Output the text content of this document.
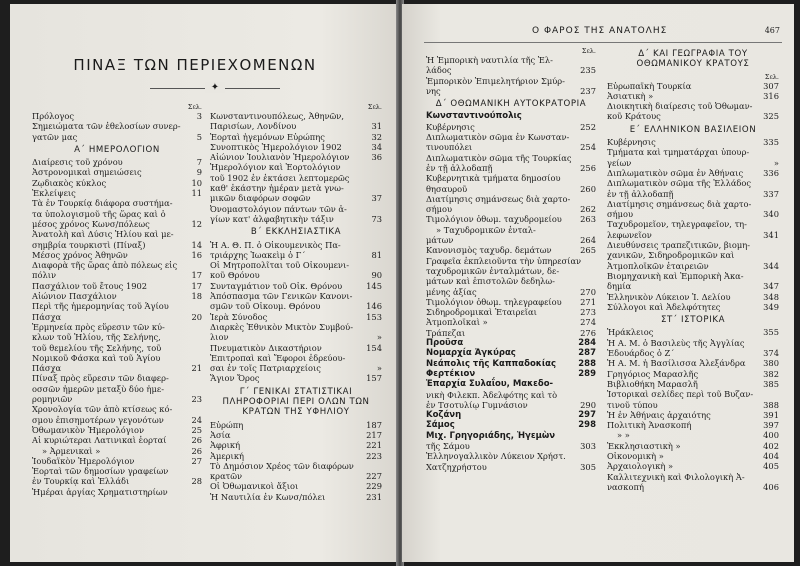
ΠΙΝΑΞ ΤΩΝ ΠΕΡΙΕΧΟΜΕΝΩΝ
✦
Σελ.
Πρόλογος	3
Σημειώματα τῶν ἐθελοσίων συνερ-
γατῶν μας	5
Α΄ ΗΜΕΡΟΛΟΓΙΟΝ
Διαίρεσις τοῦ χρόνου	7
Ἀστρονομικαὶ σημειώσεις	9
Ζῳδιακὸς κύκλος	10
Ἐκλείψεις	11
Τὰ ἐν Τουρκίᾳ διάφορα συστήμα-
τα ὑπολογισμοῦ τῆς ὥρας καὶ ὁ
μέσος χρόνος Κωνσ/πόλεως	12
Ἀνατολὴ καὶ Δύσις Ἡλίου καὶ με-
σημβρία τουρκιστὶ (Πίναξ)	14
Μέσος χρόνος Ἀθηνῶν	16
Διαφορὰ τῆς ὥρας ἀπὸ πόλεως εἰς
πόλιν	17
Πασχάλιον τοῦ ἔτους 1902	17
Αἰώνιον Πασχάλιον	18
Περὶ τῆς ἡμερομηνίας τοῦ Ἁγίου
Πάσχα	20
Ἑρμηνεία πρὸς εὕρεσιν τῶν κύ-
κλων τοῦ Ἡλίου, τῆς Σελήνης,
τοῦ θεμελίου τῆς Σελήνης, τοῦ
Νομικοῦ Φάσκα καὶ τοῦ Ἁγίου
Πάσχα	21
Πίναξ πρὸς εὕρεσιν τῶν διαφερ-
οσσῶν ἡμερῶν μεταξὺ δύο ἡμε-
ρομηνιῶν	23
Χρονολογία τῶν ἀπὸ κτίσεως κό-
σμου ἐπισημοτέρων γεγονότων	24
Ὀθωμανικὸν Ἡμερολόγιον	25
Αἱ κυριώτεραι Λατινικαὶ ἑορταί	26
» Ἀρμενικαὶ »	26
Ἰουδαϊκὸν Ἡμερολόγιον	27
Ἑορταὶ τῶν δημοσίων γραφείων
ἐν Τουρκίᾳ καὶ Ἑλλάδι	28
Ἡμέραι ἀργίας Χρηματιστηρίων
Σελ.
Κωνσταντινουπόλεως, Ἀθηνῶν,
Παρισίων, Λονδίνου	31
Ἑορταὶ ἠγεμόνων Εὐρώπης	32
Συνοπτικὸς Ἡμερολόγιον 1902	34
Αἰώνιον Ἰουλιανὸν Ἡμερολόγιον	36
Ἡμερολόγιον καὶ Ἑορτολόγιον
τοῦ 1902 ἐν ἐκτάσει λεπτομερῶς
καθ' ἑκάστην ἡμέραν μετὰ γνω-
μικῶν διαφόρων σοφῶν	37
Ὀνομαστολόγιον πάντων τῶν ἁ-
γίων κατ' ἀλφαβητικὴν τάξιν	73
Β΄ ΕΚΚΛΗΣΙΑΣΤΙΚΑ
Ἡ Α. Θ. Π. ὁ Οἰκουμενικὸς Πα-
τριάρχης Ἰωακεὶμ ὁ Γ΄	81
Οἱ Μητροπολῖται τοῦ Οἰκουμενι-
κοῦ Θρόνου	90
Συνταγμάτιον τοῦ Οἰκ. Θρόνου	145
Ἀπόσπασμα τῶν Γενικῶν Κανονι-
σμῶν τοῦ Οἰκουμ. Θρόνου	146
Ἱερὰ Σύνοδος	153
Διαρκὲς Ἐθνικὸν Μικτὸν Συμβού-
λιον	»
Πνευματικὸν Δικαστήριον	154
Ἐπιτροπαὶ καὶ Ἔφοροι ἐδρεύου-
σαι ἐν τοῖς Πατριαρχείοις	»
Ἅγιον Ὄρος	157
Γ΄ ΓΕΝΙΚΑΙ ΣΤΑΤΙΣΤΙΚΑΙ ΠΛΗΡΟΦΟΡΙΑΙ ΠΕΡΙ ΟΛΩΝ ΤΩΝ ΚΡΑΤΩΝ ΤΗΣ ΥΦΗΛΙΟΥ
Εὐρώπη	187
Ἀσία	217
Ἀφρική	221
Ἀμερική	223
Τὸ Δημόσιον Χρέος τῶν διαφόρων
κρατῶν	227
Οἱ Ὀθωμανικοὶ ἄξιοι	229
Ἡ Ναυτιλία ἐν Κωνσ/πόλει	231
Ο ΦΑΡΟΣ ΤΗΣ ΑΝΑΤΟΛΗΣ	467
Σελ.
Ἡ Ἐμπορικὴ ναυτιλία τῆς Ἑλ-
λάδος	235
Ἐμπορικὸν Ἐπιμελητήριον Σμύρ-
νης	237
Δ΄ ΟΘΩΜΑΝΙΚΗ ΑΥΤΟΚΡΑΤΟΡΙΑ
Κωνσταντινούπολις
Κυβέρνησις	252
Διπλωματικὸν σῶμα ἐν Κωνσταν-
τινουπόλει	254
Διπλωματικὸν σῶμα τῆς Τουρκίας
ἐν τῇ ἀλλοδαπῇ	256
Κυβερνητικὰ τμήματα δημοσίου
θησαυροῦ	260
Διατίμησις σημάνσεως διὰ χαρτο-
σήμου	262
Τιμολόγιον ὀθωμ. ταχυδρομείου 263
» Ταχυδρομικῶν ἐνταλ-
μάτων	264
Κανονισμὸς ταχυδρ. δεμάτων	265
Γραφεῖα ἐκπλειοῦντα τὴν ὑπηρεσίαν
ταχυδρομικῶν ἐνταλμάτων, δε-
μάτων καὶ ἐπιστολῶν δεδηλω-
μένης ἀξίας	270
Τιμολόγιον ὀθωμ. τηλεγραφείου 271
Σιδηροδρομικαὶ Ἑταιρεῖαι	273
Ἀτμοπλοϊκαὶ »	274
Τράπεζαι	276
Προῦσα	284
Νομαρχία Ἀγκύρας	287
Νεάπολις τῆς Καππαδοκίας	288
Φερτέκιον	289
Ἐπαρχία Συλαΐου, Μακεδο-
νικὴ Φιλεκπ. Ἀδελφότης καὶ τὸ
ἐν Τσοτυλίῳ Γυμνάσιον	290
Κοζάνη	297
Σάμος	298
Μιχ. Γρηγοριάδης, Ἡγεμὼν
τῆς Σάμου	303
Ἑλληνογαλλικὸν Λύκειον Χρήστ.
Χατζηχρήστου	305
Δ΄ ΚΑΙ ΓΕΩΓΡΑΦΙΑ ΤΟΥ ΟΘΩΜΑΝΙΚΟΥ ΚΡΑΤΟΥΣ
Σελ.
Εὐρωπαϊκὴ Τουρκία	307
Ἀσιατικὴ »	316
Διοικητικὴ διαίρεσις τοῦ Ὀθωμαν-
κοῦ Κράτους	325
Ε΄ ΕΛΛΗΝΙΚΟΝ ΒΑΣΙΛΕΙΟΝ
Κυβέρνησις	335
Τμήματα καὶ τμηματάρχαι ὑπουρ-
γείων	»
Διπλωματικὸν σῶμα ἐν Ἀθήναις 336
Διπλωματικὸν σῶμα τῆς Ἑλλάδος
ἐν τῇ ἀλλοδαπῇ	337
Διατίμησις σημάνσεως διὰ χαρτο-
σήμου	340
Ταχυδρομεῖον, τηλεγραφεῖον, τη-
λεφωνεῖον	341
Διευθύνσεις τραπεζιτικῶν, βιομη-
χανικῶν, Σιδηροδρομικῶν καὶ
Ἀτμοπλοϊκῶν ἑταιρειῶν	344
Βιομηχανικὴ καὶ Ἐμπορικὴ Ἀκα-
δημία	347
Ἑλληνικὸν Λύκειον Ἰ. Δελίου	348
Σύλλογοι καὶ Ἀδελφότητες	349
ΣΤ΄ ΙΣΤΟΡΙΚΑ
Ἡράκλειος	355
Ἡ Α. Μ. ὁ Βασιλεὺς τῆς Ἀγγλίας
Ἐδουάρδος ὁ Ζ΄	374
Ἡ Α. Μ. ἡ Βασίλισσα Ἀλεξάνδρα 380
Γρηγόριος Μαρασλῆς	382
Βιβλιοθήκη Μαρασλῆ	385
Ἱστορικαὶ σελίδες περὶ τοῦ Βυζαν-
τινοῦ τύπου	388
Ἡ ἐν Ἀθήναις ἀρχαιότης	391
Πολιτικὴ Ἀνασκοπή	397
» »	400
Ἐκκλησιαστικὴ »	402
Οἰκονομικὴ »	404
Ἀρχαιολογικὴ »	405
Καλλιτεχνικὴ καὶ Φιλολογικὴ Ἀ-
νασκοπή	406
